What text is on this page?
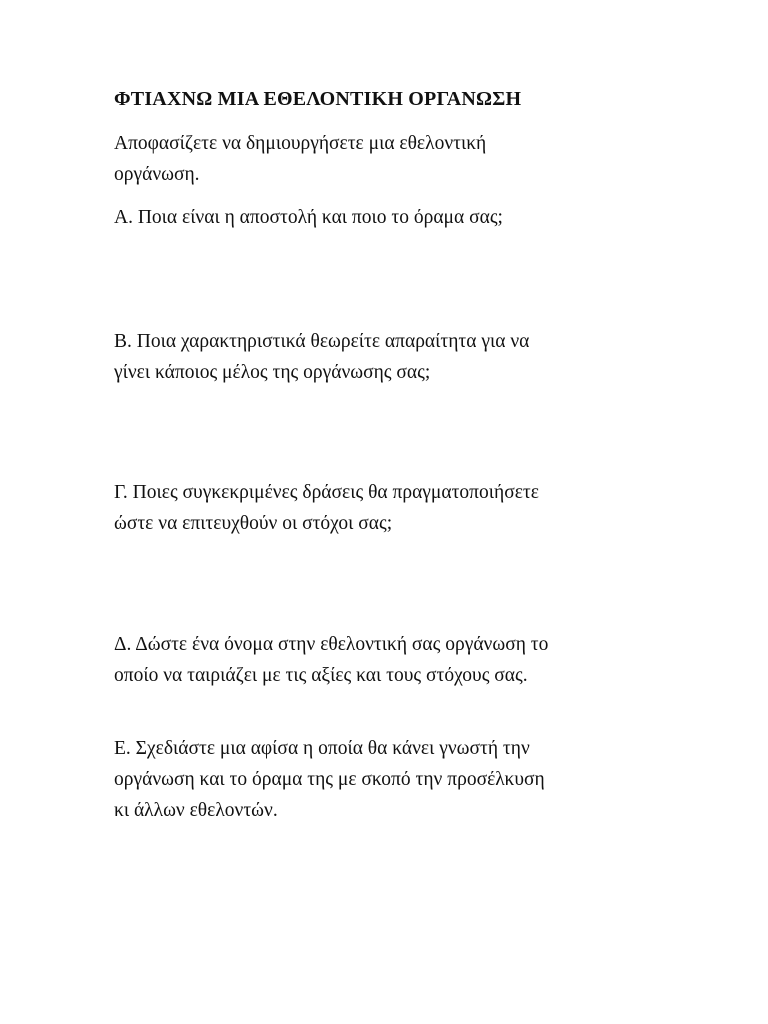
ΦΤΙΑΧΝΩ ΜΙΑ ΕΘΕΛΟΝΤΙΚΗ ΟΡΓΑΝΩΣΗ

Αποφασίζετε να δημιουργήσετε μια εθελοντική
οργάνωση.

Α. Ποια είναι η αποστολή και ποιο το όραμα σας;

Β. Ποια χαρακτηριστικά θεωρείτε απαραίτητα για να
γίνει κάποιος μέλος της οργάνωσης σας;

Γ. Ποιες συγκεκριμένες δράσεις θα πραγματοποιήσετε
ώστε να επιτευχθούν οι στόχοι σας;

Δ. Δώστε ένα όνομα στην εθελοντική σας οργάνωση το
οποίο να ταιριάζει με τις αξίες και τους στόχους σας.

Ε. Σχεδιάστε μια αφίσα η οποία θα κάνει γνωστή την
οργάνωση και το όραμα της με σκοπό την προσέλκυση
κι άλλων εθελοντών.
